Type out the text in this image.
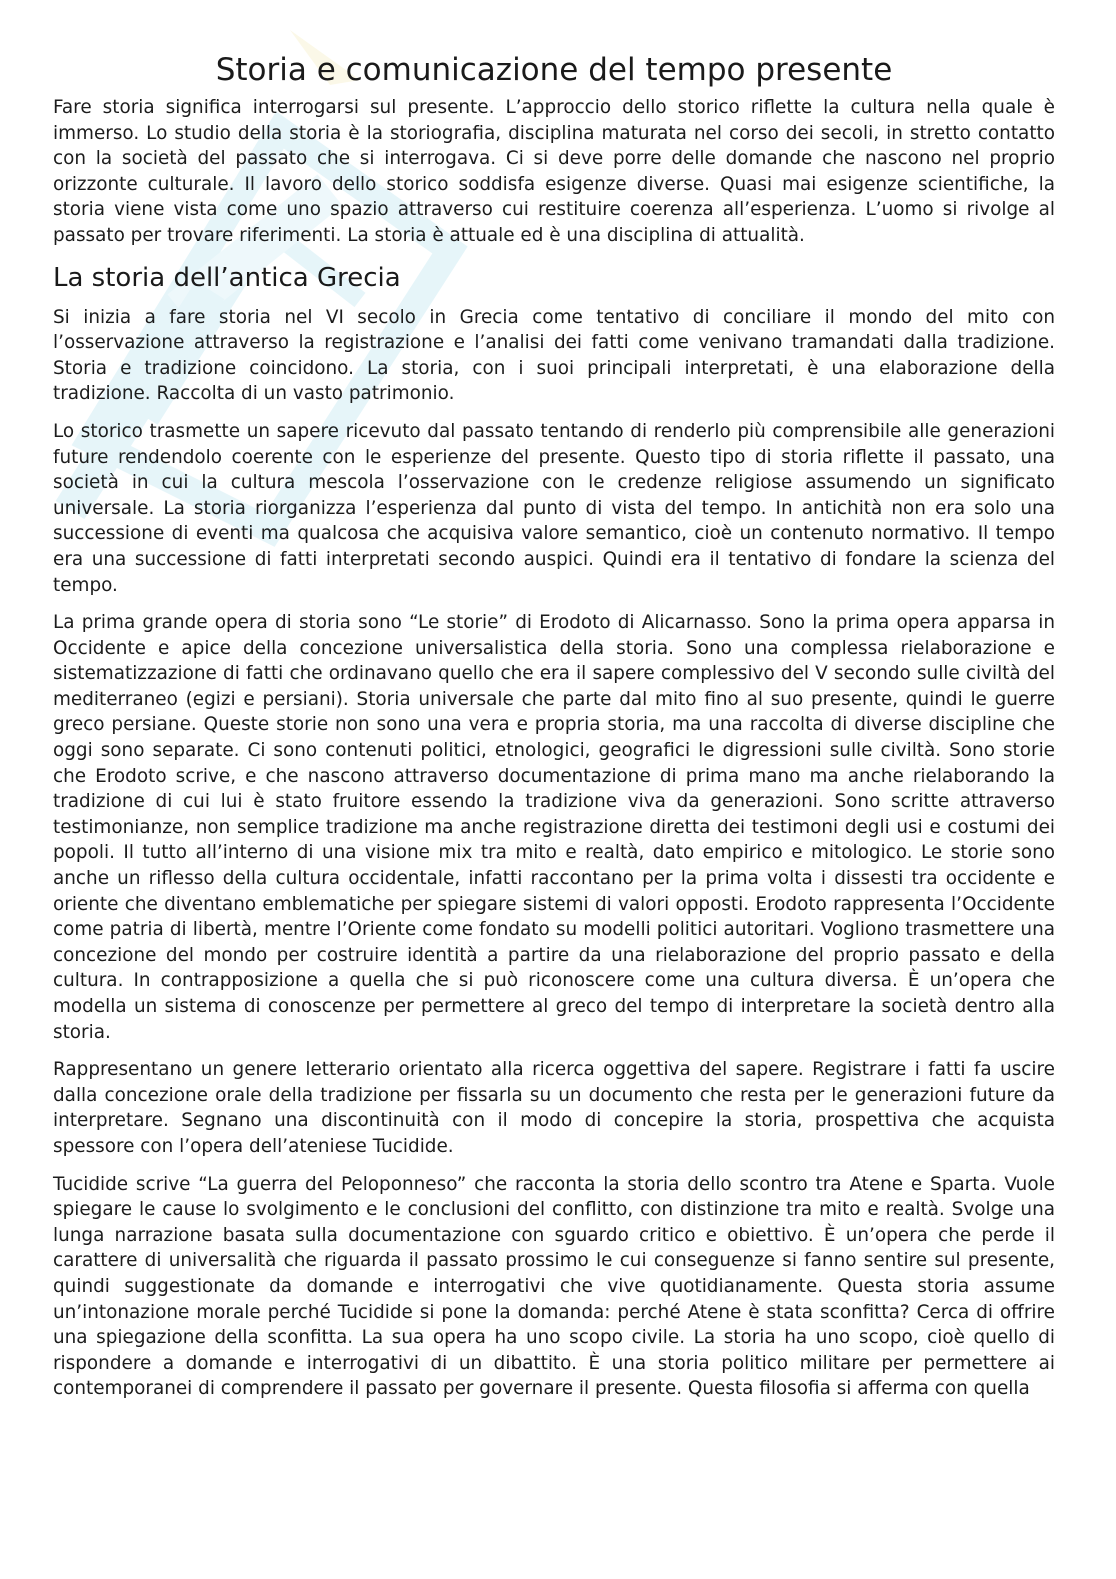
Storia e comunicazione del tempo presente

Fare storia significa interrogarsi sul presente. L’approccio dello storico riflette la cultura nella quale è immerso. Lo studio della storia è la storiografia, disciplina maturata nel corso dei secoli, in stretto contatto con la società del passato che si interrogava. Ci si deve porre delle domande che nascono nel proprio orizzonte culturale. Il lavoro dello storico soddisfa esigenze diverse. Quasi mai esigenze scientifiche, la storia viene vista come uno spazio attraverso cui restituire coerenza all’esperienza. L’uomo si rivolge al passato per trovare riferimenti. La storia è attuale ed è una disciplina di attualità.

La storia dell’antica Grecia

Si inizia a fare storia nel VI secolo in Grecia come tentativo di conciliare il mondo del mito con l’osservazione attraverso la registrazione e l’analisi dei fatti come venivano tramandati dalla tradizione. Storia e tradizione coincidono. La storia, con i suoi principali interpretati, è una elaborazione della tradizione. Raccolta di un vasto patrimonio.

Lo storico trasmette un sapere ricevuto dal passato tentando di renderlo più comprensibile alle generazioni future rendendolo coerente con le esperienze del presente. Questo tipo di storia riflette il passato, una società in cui la cultura mescola l’osservazione con le credenze religiose assumendo un significato universale. La storia riorganizza l’esperienza dal punto di vista del tempo. In antichità non era solo una successione di eventi ma qualcosa che acquisiva valore semantico, cioè un contenuto normativo. Il tempo era una successione di fatti interpretati secondo auspici. Quindi era il tentativo di fondare la scienza del tempo.

La prima grande opera di storia sono “Le storie” di Erodoto di Alicarnasso. Sono la prima opera apparsa in Occidente e apice della concezione universalistica della storia. Sono una complessa rielaborazione e sistematizzazione di fatti che ordinavano quello che era il sapere complessivo del V secondo sulle civiltà del mediterraneo (egizi e persiani). Storia universale che parte dal mito fino al suo presente, quindi le guerre greco persiane. Queste storie non sono una vera e propria storia, ma una raccolta di diverse discipline che oggi sono separate. Ci sono contenuti politici, etnologici, geografici le digressioni sulle civiltà. Sono storie che Erodoto scrive, e che nascono attraverso documentazione di prima mano ma anche rielaborando la tradizione di cui lui è stato fruitore essendo la tradizione viva da generazioni. Sono scritte attraverso testimonianze, non semplice tradizione ma anche registrazione diretta dei testimoni degli usi e costumi dei popoli. Il tutto all’interno di una visione mix tra mito e realtà, dato empirico e mitologico. Le storie sono anche un riflesso della cultura occidentale, infatti raccontano per la prima volta i dissesti tra occidente e oriente che diventano emblematiche per spiegare sistemi di valori opposti. Erodoto rappresenta l’Occidente come patria di libertà, mentre l’Oriente come fondato su modelli politici autoritari. Vogliono trasmettere una concezione del mondo per costruire identità a partire da una rielaborazione del proprio passato e della cultura. In contrapposizione a quella che si può riconoscere come una cultura diversa. È un’opera che modella un sistema di conoscenze per permettere al greco del tempo di interpretare la società dentro alla storia.

Rappresentano un genere letterario orientato alla ricerca oggettiva del sapere. Registrare i fatti fa uscire dalla concezione orale della tradizione per fissarla su un documento che resta per le generazioni future da interpretare. Segnano una discontinuità con il modo di concepire la storia, prospettiva che acquista spessore con l’opera dell’ateniese Tucidide.

Tucidide scrive “La guerra del Peloponneso” che racconta la storia dello scontro tra Atene e Sparta. Vuole spiegare le cause lo svolgimento e le conclusioni del conflitto, con distinzione tra mito e realtà. Svolge una lunga narrazione basata sulla documentazione con sguardo critico e obiettivo. È un’opera che perde il carattere di universalità che riguarda il passato prossimo le cui conseguenze si fanno sentire sul presente, quindi suggestionate da domande e interrogativi che vive quotidianamente. Questa storia assume un’intonazione morale perché Tucidide si pone la domanda: perché Atene è stata sconfitta? Cerca di offrire una spiegazione della sconfitta. La sua opera ha uno scopo civile. La storia ha uno scopo, cioè quello di rispondere a domande e interrogativi di un dibattito. È una storia politico militare per permettere ai contemporanei di comprendere il passato per governare il presente. Questa filosofia si afferma con quella
